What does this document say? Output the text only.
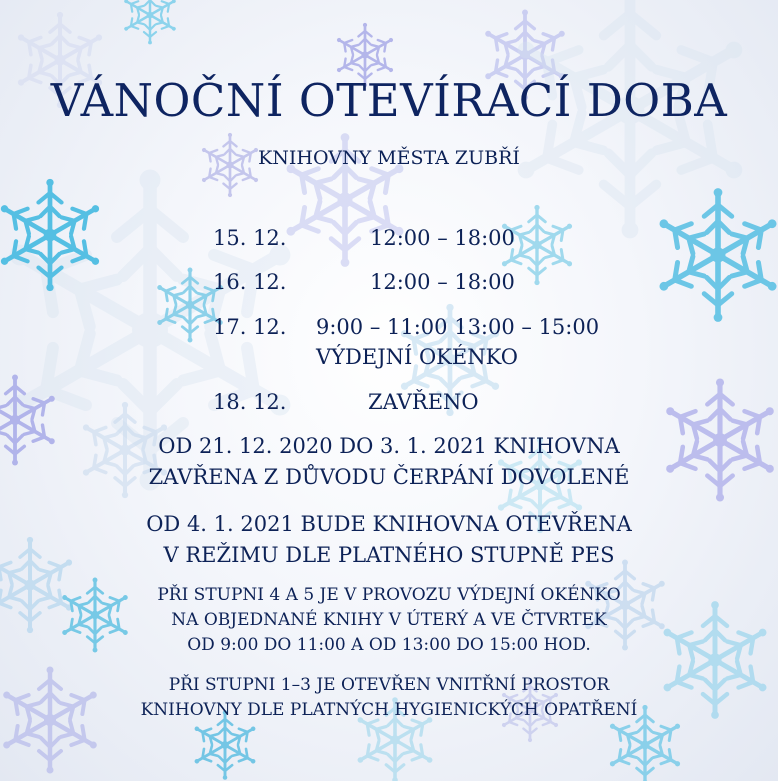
VÁNOČNÍ OTEVÍRACÍ DOBA
KNIHOVNY MĚSTA ZUBŘÍ
15. 12.	12:00 – 18:00
16. 12.	12:00 – 18:00
17. 12. 9:00 – 11:00 13:00 – 15:00
VÝDEJNÍ OKÉNKO
18. 12.	ZAVŘENO
OD 21. 12. 2020 DO 3. 1. 2021 KNIHOVNA
ZAVŘENA Z DŮVODU ČERPÁNÍ DOVOLENÉ
OD 4. 1. 2021 BUDE KNIHOVNA OTEVŘENA
V REŽIMU DLE PLATNÉHO STUPNĚ PES
PŘI STUPNI 4 A 5 JE V PROVOZU VÝDEJNÍ OKÉNKO
NA OBJEDNANÉ KNIHY V ÚTERÝ A VE ČTVRTEK
OD 9:00 DO 11:00 A OD 13:00 DO 15:00 HOD.
PŘI STUPNI 1–3 JE OTEVŘEN VNITŘNÍ PROSTOR
KNIHOVNY DLE PLATNÝCH HYGIENICKÝCH OPATŘENÍ
